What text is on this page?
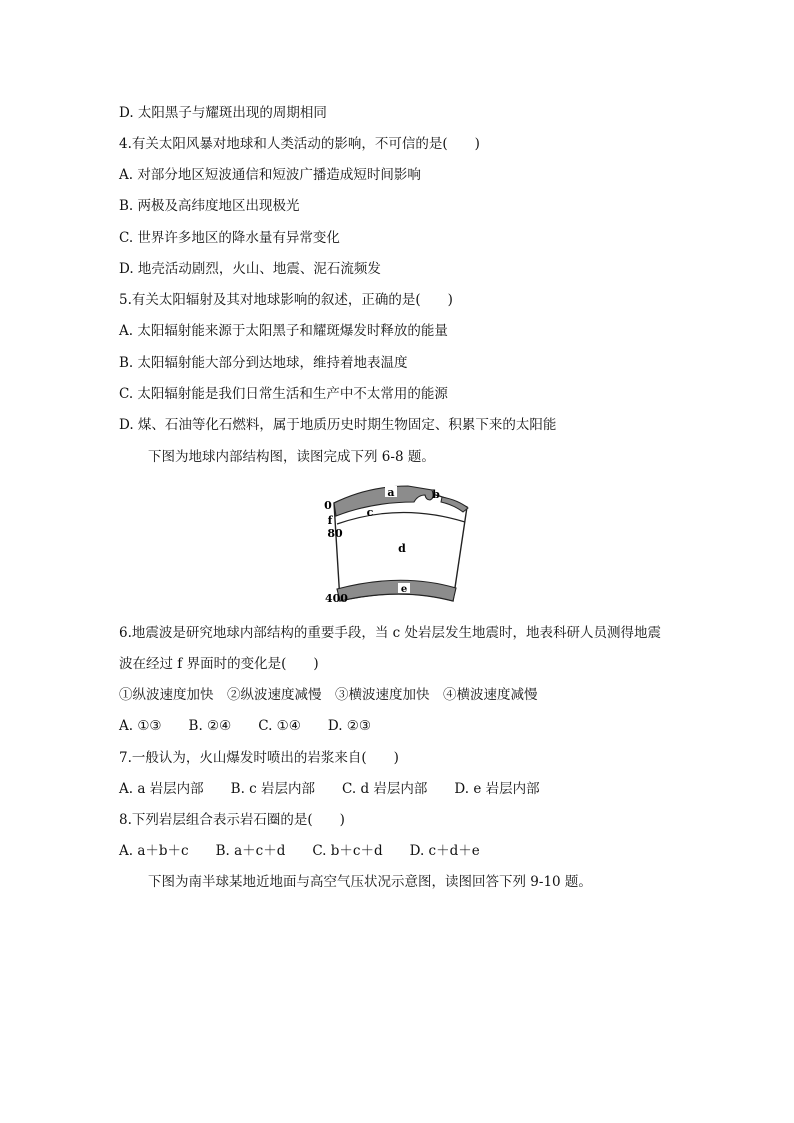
D. 太阳黑子与耀斑出现的周期相同
4.有关太阳风暴对地球和人类活动的影响，不可信的是(　　)
A. 对部分地区短波通信和短波广播造成短时间影响
B. 两极及高纬度地区出现极光
C. 世界许多地区的降水量有异常变化
D. 地壳活动剧烈，火山、地震、泥石流频发
5.有关太阳辐射及其对地球影响的叙述，正确的是(　　)
A. 太阳辐射能来源于太阳黑子和耀斑爆发时释放的能量
B. 太阳辐射能大部分到达地球，维持着地表温度
C. 太阳辐射能是我们日常生活和生产中不太常用的能源
D. 煤、石油等化石燃料，属于地质历史时期生物固定、积累下来的太阳能
下图为地球内部结构图，读图完成下列 6-8 题。
a	b
c
d
e
f
0
80
400
6.地震波是研究地球内部结构的重要手段，当 c 处岩层发生地震时，地表科研人员测得地震
波在经过 f 界面时的变化是(　　)
①纵波速度加快　②纵波速度减慢　③横波速度加快　④横波速度减慢
A. ①③　　B. ②④　　C. ①④　　D. ②③
7.一般认为，火山爆发时喷出的岩浆来自(　　)
A. a 岩层内部　　B. c 岩层内部　　C. d 岩层内部　　D. e 岩层内部
8.下列岩层组合表示岩石圈的是(　　)
A. a＋b＋c　　B. a＋c＋d　　C. b＋c＋d　　D. c＋d＋e
下图为南半球某地近地面与高空气压状况示意图，读图回答下列 9-10 题。
